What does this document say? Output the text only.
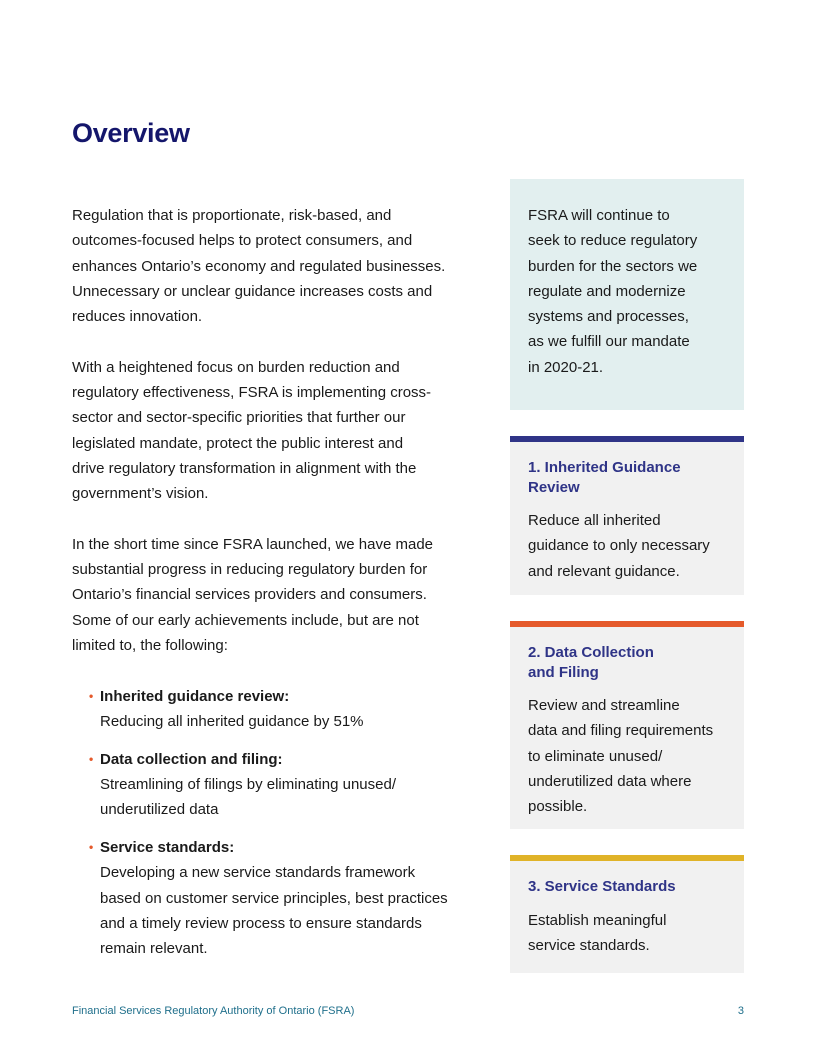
Overview

Regulation that is proportionate, risk-based, and
outcomes-focused helps to protect consumers, and
enhances Ontario’s economy and regulated businesses.
Unnecessary or unclear guidance increases costs and
reduces innovation.

With a heightened focus on burden reduction and
regulatory effectiveness, FSRA is implementing cross-
sector and sector-specific priorities that further our
legislated mandate, protect the public interest and
drive regulatory transformation in alignment with the
government’s vision.

In the short time since FSRA launched, we have made
substantial progress in reducing regulatory burden for
Ontario’s financial services providers and consumers.
Some of our early achievements include, but are not
limited to, the following:

• Inherited guidance review:
Reducing all inherited guidance by 51%
• Data collection and filing:
Streamlining of filings by eliminating unused/
underutilized data
• Service standards:
Developing a new service standards framework
based on customer service principles, best practices
and a timely review process to ensure standards
remain relevant.
FSRA will continue to
seek to reduce regulatory
burden for the sectors we
regulate and modernize
systems and processes,
as we fulfill our mandate
in 2020-21.

1. Inherited Guidance
Review

Reduce all inherited
guidance to only necessary
and relevant guidance.

2. Data Collection
and Filing

Review and streamline
data and filing requirements
to eliminate unused/
underutilized data where
possible.

3. Service Standards

Establish meaningful
service standards.

Financial Services Regulatory Authority of Ontario (FSRA)	3
